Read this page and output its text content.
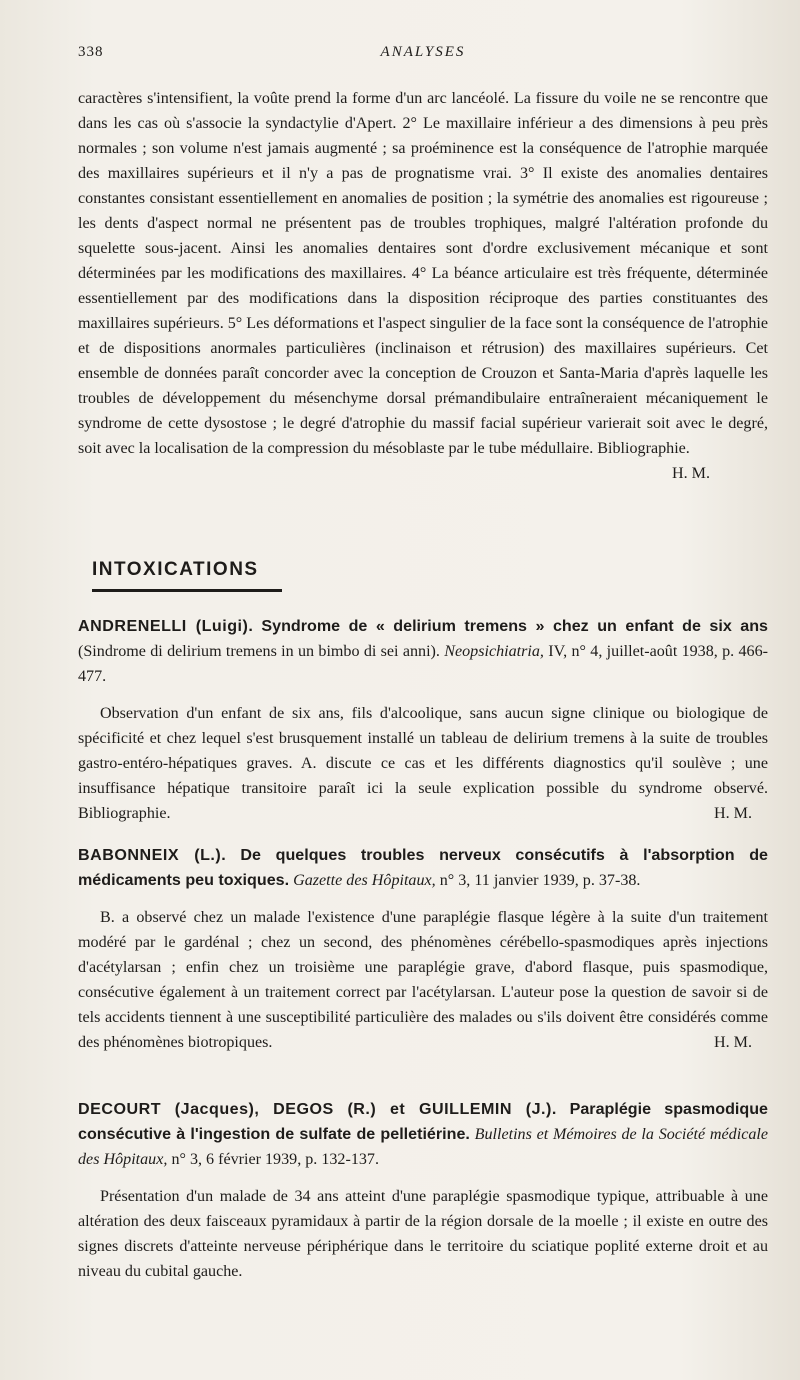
338	ANALYSES
caractères s'intensifient, la voûte prend la forme d'un arc lancéolé. La fissure du voile ne se rencontre que dans les cas où s'associe la syndactylie d'Apert. 2° Le maxillaire inférieur a des dimensions à peu près normales ; son volume n'est jamais augmenté ; sa proéminence est la conséquence de l'atrophie marquée des maxillaires supérieurs et il n'y a pas de prognatisme vrai. 3° Il existe des anomalies dentaires constantes consistant essentiellement en anomalies de position ; la symétrie des anomalies est rigoureuse ; les dents d'aspect normal ne présentent pas de troubles trophiques, malgré l'altération profonde du squelette sous-jacent. Ainsi les anomalies dentaires sont d'ordre exclusivement mécanique et sont déterminées par les modifications des maxillaires. 4° La béance articulaire est très fréquente, déterminée essentiellement par des modifications dans la disposition réciproque des parties constituantes des maxillaires supérieurs. 5° Les déformations et l'aspect singulier de la face sont la conséquence de l'atrophie et de dispositions anormales particulières (inclinaison et rétrusion) des maxillaires supérieurs. Cet ensemble de données paraît concorder avec la conception de Crouzon et Santa-Maria d'après laquelle les troubles de développement du mésenchyme dorsal prémandibulaire entraîneraient mécaniquement le syndrome de cette dysostose ; le degré d'atrophie du massif facial supérieur varierait soit avec le degré, soit avec la localisation de la compression du mésoblaste par le tube médullaire. Bibliographie.
H. M.
INTOXICATIONS
ANDRENELLI (Luigi). Syndrome de « delirium tremens » chez un enfant de six ans (Sindrome di delirium tremens in un bimbo di sei anni). Neopsichiatria, IV, n° 4, juillet-août 1938, p. 466-477.
Observation d'un enfant de six ans, fils d'alcoolique, sans aucun signe clinique ou biologique de spécificité et chez lequel s'est brusquement installé un tableau de delirium tremens à la suite de troubles gastro-entéro-hépatiques graves. A. discute ce cas et les différents diagnostics qu'il soulève ; une insuffisance hépatique transitoire paraît ici la seule explication possible du syndrome observé. Bibliographie.	H. M.
BABONNEIX (L.). De quelques troubles nerveux consécutifs à l'absorption de médicaments peu toxiques. Gazette des Hôpitaux, n° 3, 11 janvier 1939, p. 37-38.
B. a observé chez un malade l'existence d'une paraplégie flasque légère à la suite d'un traitement modéré par le gardénal ; chez un second, des phénomènes cérébello-spasmodiques après injections d'acétylarsan ; enfin chez un troisième une paraplégie grave, d'abord flasque, puis spasmodique, consécutive également à un traitement correct par l'acétylarsan. L'auteur pose la question de savoir si de tels accidents tiennent à une susceptibilité particulière des malades ou s'ils doivent être considérés comme des phénomènes biotropiques.	H. M.
DECOURT (Jacques), DEGOS (R.) et GUILLEMIN (J.). Paraplégie spasmodique consécutive à l'ingestion de sulfate de pelletiérine. Bulletins et Mémoires de la Société médicale des Hôpitaux, n° 3, 6 février 1939, p. 132-137.
Présentation d'un malade de 34 ans atteint d'une paraplégie spasmodique typique, attribuable à une altération des deux faisceaux pyramidaux à partir de la région dorsale de la moelle ; il existe en outre des signes discrets d'atteinte nerveuse périphérique dans le territoire du sciatique poplité externe droit et au niveau du cubital gauche.
